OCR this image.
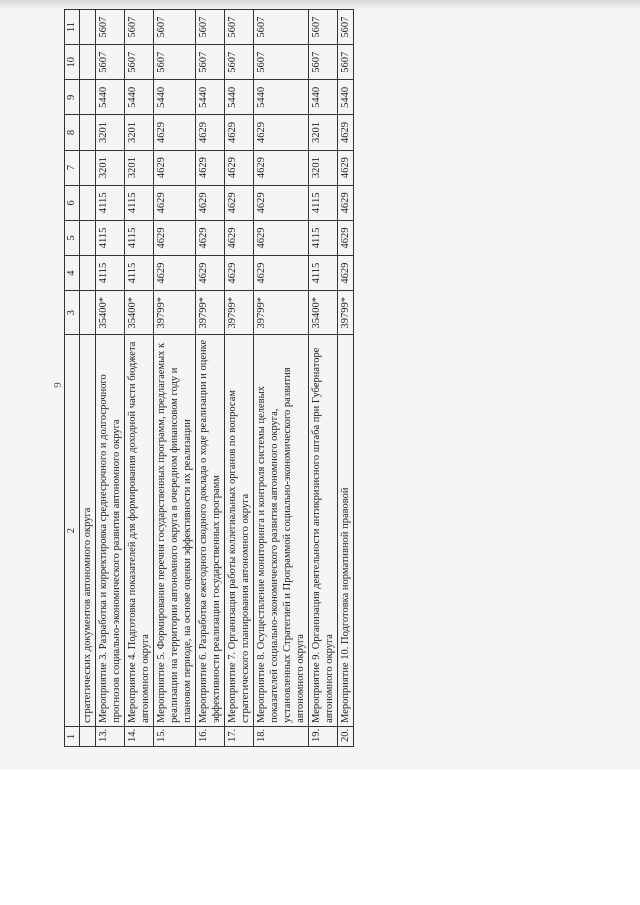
9
1	2	3	4	5	6	7	8	9	10	11
	стратегических документов автономного округа									
13.	Мероприятие 3. Разработка и корректировка среднесрочного и долгосрочного прогнозов социально-экономического развития автономного округа	35400*	4115	4115	4115	3201	3201	5440	5607	5607
14.	Мероприятие 4. Подготовка показателей для формирования доходной части бюджета автономного округа	35400*	4115	4115	4115	3201	3201	5440	5607	5607
15.	Мероприятие 5. Формирование перечня государственных программ, предлагаемых к реализации на территории автономного округа в очередном финансовом году и плановом периоде, на основе оценки эффективности их реализации	39799*	4629	4629	4629	4629	4629	5440	5607	5607
16.	Мероприятие 6. Разработка ежегодного сводного доклада о ходе реализации и оценке эффективности реализации государственных программ	39799*	4629	4629	4629	4629	4629	5440	5607	5607
17.	Мероприятие 7. Организация работы коллегиальных органов по вопросам стратегического планирования автономного округа	39799*	4629	4629	4629	4629	4629	5440	5607	5607
18.	Мероприятие 8. Осуществление мониторинга и контроля системы целевых показателей социально-экономического развития автономного округа, установленных Стратегией и Программой социально-экономического развития автономного округа	39799*	4629	4629	4629	4629	4629	5440	5607	5607
19.	Мероприятие 9. Организация деятельности антикризисного штаба при Губернаторе автономного округа	35400*	4115	4115	4115	3201	3201	5440	5607	5607
20.	Мероприятие 10. Подготовка нормативной правовой	39799*	4629	4629	4629	4629	4629	5440	5607	5607
